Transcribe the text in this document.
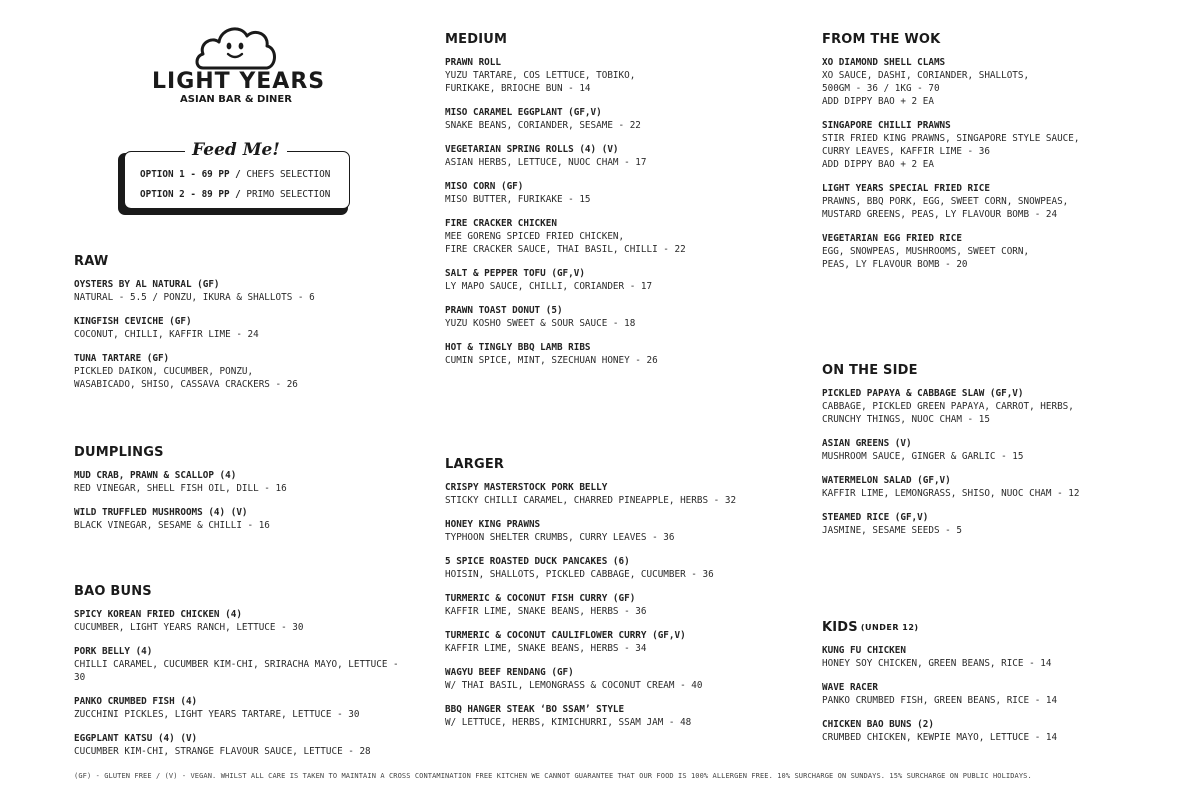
LIGHT YEARS
ASIAN BAR & DINER
Feed Me!
OPTION 1 - 69 PP / CHEFS SELECTION
OPTION 2 - 89 PP / PRIMO SELECTION
RAW
OYSTERS BY AL NATURAL (GF)
NATURAL - 5.5 / PONZU, IKURA & SHALLOTS - 6
KINGFISH CEVICHE (GF)
COCONUT, CHILLI, KAFFIR LIME - 24
TUNA TARTARE (GF)
PICKLED DAIKON, CUCUMBER, PONZU,
WASABICADO, SHISO, CASSAVA CRACKERS - 26
DUMPLINGS
MUD CRAB, PRAWN & SCALLOP (4)
RED VINEGAR, SHELL FISH OIL, DILL - 16
WILD TRUFFLED MUSHROOMS (4) (V)
BLACK VINEGAR, SESAME & CHILLI - 16
BAO BUNS
SPICY KOREAN FRIED CHICKEN (4)
CUCUMBER, LIGHT YEARS RANCH, LETTUCE - 30
PORK BELLY (4)
CHILLI CARAMEL, CUCUMBER KIM-CHI, SRIRACHA MAYO, LETTUCE - 30
PANKO CRUMBED FISH (4)
ZUCCHINI PICKLES, LIGHT YEARS TARTARE, LETTUCE - 30
EGGPLANT KATSU (4) (V)
CUCUMBER KIM-CHI, STRANGE FLAVOUR SAUCE, LETTUCE - 28
MEDIUM
PRAWN ROLL
YUZU TARTARE, COS LETTUCE, TOBIKO,
FURIKAKE, BRIOCHE BUN - 14
MISO CARAMEL EGGPLANT (GF,V)
SNAKE BEANS, CORIANDER, SESAME - 22
VEGETARIAN SPRING ROLLS (4) (V)
ASIAN HERBS, LETTUCE, NUOC CHAM - 17
MISO CORN (GF)
MISO BUTTER, FURIKAKE - 15
FIRE CRACKER CHICKEN
MEE GORENG SPICED FRIED CHICKEN,
FIRE CRACKER SAUCE, THAI BASIL, CHILLI - 22
SALT & PEPPER TOFU (GF,V)
LY MAPO SAUCE, CHILLI, CORIANDER - 17
PRAWN TOAST DONUT (5)
YUZU KOSHO SWEET & SOUR SAUCE - 18
HOT & TINGLY BBQ LAMB RIBS
CUMIN SPICE, MINT, SZECHUAN HONEY - 26
LARGER
CRISPY MASTERSTOCK PORK BELLY
STICKY CHILLI CARAMEL, CHARRED PINEAPPLE, HERBS - 32
HONEY KING PRAWNS
TYPHOON SHELTER CRUMBS, CURRY LEAVES - 36
5 SPICE ROASTED DUCK PANCAKES (6)
HOISIN, SHALLOTS, PICKLED CABBAGE, CUCUMBER - 36
TURMERIC & COCONUT FISH CURRY (GF)
KAFFIR LIME, SNAKE BEANS, HERBS - 36
TURMERIC & COCONUT CAULIFLOWER CURRY (GF,V)
KAFFIR LIME, SNAKE BEANS, HERBS - 34
WAGYU BEEF RENDANG (GF)
W/ THAI BASIL, LEMONGRASS & COCONUT CREAM - 40
BBQ HANGER STEAK ‘BO SSAM’ STYLE
W/ LETTUCE, HERBS, KIMICHURRI, SSAM JAM - 48
FROM THE WOK
XO DIAMOND SHELL CLAMS
XO SAUCE, DASHI, CORIANDER, SHALLOTS,
500GM - 36 / 1KG - 70
ADD DIPPY BAO + 2 EA
SINGAPORE CHILLI PRAWNS
STIR FRIED KING PRAWNS, SINGAPORE STYLE SAUCE,
CURRY LEAVES, KAFFIR LIME - 36
ADD DIPPY BAO + 2 EA
LIGHT YEARS SPECIAL FRIED RICE
PRAWNS, BBQ PORK, EGG, SWEET CORN, SNOWPEAS,
MUSTARD GREENS, PEAS, LY FLAVOUR BOMB - 24
VEGETARIAN EGG FRIED RICE
EGG, SNOWPEAS, MUSHROOMS, SWEET CORN,
PEAS, LY FLAVOUR BOMB - 20
ON THE SIDE
PICKLED PAPAYA & CABBAGE SLAW (GF,V)
CABBAGE, PICKLED GREEN PAPAYA, CARROT, HERBS,
CRUNCHY THINGS, NUOC CHAM - 15
ASIAN GREENS (V)
MUSHROOM SAUCE, GINGER & GARLIC - 15
WATERMELON SALAD (GF,V)
KAFFIR LIME, LEMONGRASS, SHISO, NUOC CHAM - 12
STEAMED RICE (GF,V)
JASMINE, SESAME SEEDS - 5
KIDS (UNDER 12)
KUNG FU CHICKEN
HONEY SOY CHICKEN, GREEN BEANS, RICE - 14
WAVE RACER
PANKO CRUMBED FISH, GREEN BEANS, RICE - 14
CHICKEN BAO BUNS (2)
CRUMBED CHICKEN, KEWPIE MAYO, LETTUCE - 14
(GF) - GLUTEN FREE / (V) - VEGAN. WHILST ALL CARE IS TAKEN TO MAINTAIN A CROSS CONTAMINATION FREE KITCHEN WE CANNOT GUARANTEE THAT OUR FOOD IS 100% ALLERGEN FREE. 10% SURCHARGE ON SUNDAYS. 15% SURCHARGE ON PUBLIC HOLIDAYS.
